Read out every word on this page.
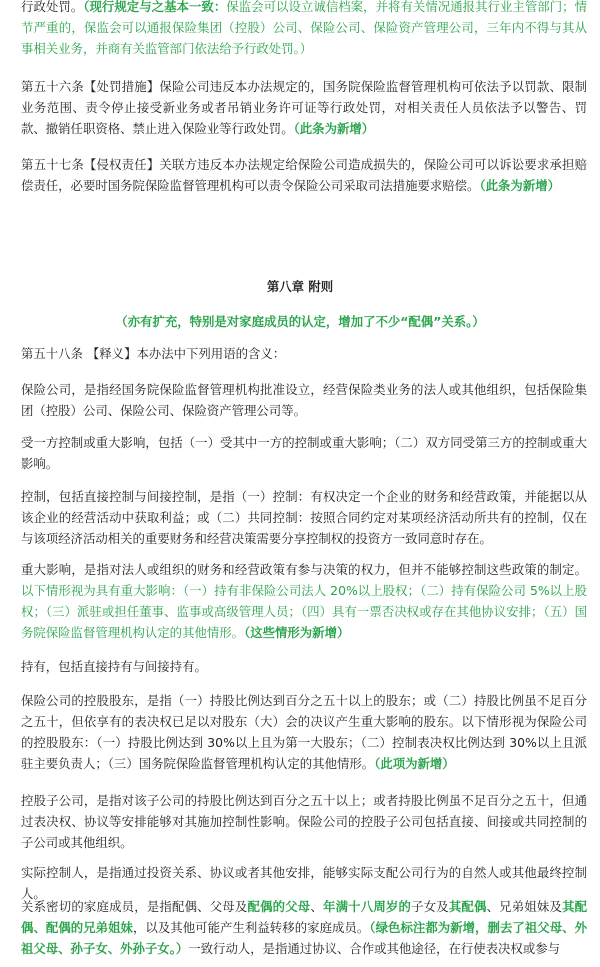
行政处罚。（现行规定与之基本一致：保监会可以设立诚信档案，并将有关情况通报其行业主管部门；情节严重的，保监会可以通报保险集团（控股）公司、保险公司、保险资产管理公司，三年内不得与其从事相关业务，并商有关监管部门依法给予行政处罚。）

第五十六条【处罚措施】保险公司违反本办法规定的，国务院保险监督管理机构可依法予以罚款、限制业务范围、责令停止接受新业务或者吊销业务许可证等行政处罚，对相关责任人员依法予以警告、罚款、撤销任职资格、禁止进入保险业等行政处罚。（此条为新增）

第五十七条【侵权责任】关联方违反本办法规定给保险公司造成损失的，保险公司可以诉讼要求承担赔偿责任，必要时国务院保险监督管理机构可以责令保险公司采取司法措施要求赔偿。（此条为新增）

第八章 附则
（亦有扩充，特别是对家庭成员的认定，增加了不少“配偶”关系。）

第五十八条 【释义】本办法中下列用语的含义：

保险公司，是指经国务院保险监督管理机构批准设立，经营保险类业务的法人或其他组织，包括保险集团（控股）公司、保险公司、保险资产管理公司等。

受一方控制或重大影响，包括（一）受其中一方的控制或重大影响；（二）双方同受第三方的控制或重大影响。

控制，包括直接控制与间接控制，是指（一）控制：有权决定一个企业的财务和经营政策，并能据以从该企业的经营活动中获取利益；或（二）共同控制：按照合同约定对某项经济活动所共有的控制，仅在与该项经济活动相关的重要财务和经营决策需要分享控制权的投资方一致同意时存在。

重大影响，是指对法人或组织的财务和经营政策有参与决策的权力，但并不能够控制这些政策的制定。以下情形视为具有重大影响：（一）持有非保险公司法人 20%以上股权；（二）持有保险公司 5%以上股权；（三）派驻或担任董事、监事或高级管理人员；（四）具有一票否决权或存在其他协议安排；（五）国务院保险监督管理机构认定的其他情形。（这些情形为新增）

持有，包括直接持有与间接持有。

保险公司的控股股东，是指（一）持股比例达到百分之五十以上的股东；或（二）持股比例虽不足百分之五十，但依享有的表决权已足以对股东（大）会的决议产生重大影响的股东。以下情形视为保险公司的控股股东：（一）持股比例达到 30%以上且为第一大股东；（二）控制表决权比例达到 30%以上且派驻主要负责人；（三）国务院保险监督管理机构认定的其他情形。（此项为新增）

控股子公司，是指对该子公司的持股比例达到百分之五十以上；或者持股比例虽不足百分之五十，但通过表决权、协议等安排能够对其施加控制性影响。保险公司的控股子公司包括直接、间接或共同控制的子公司或其他组织。

实际控制人，是指通过投资关系、协议或者其他安排，能够实际支配公司行为的自然人或其他最终控制人。

关系密切的家庭成员，是指配偶、父母及配偶的父母、年满十八周岁的子女及其配偶、兄弟姐妹及其配偶、配偶的兄弟姐妹，以及其他可能产生利益转移的家庭成员。（绿色标注都为新增，删去了祖父母、外祖父母、孙子女、外孙子女。）一致行动人，是指通过协议、合作或其他途径，在行使表决权或参与
